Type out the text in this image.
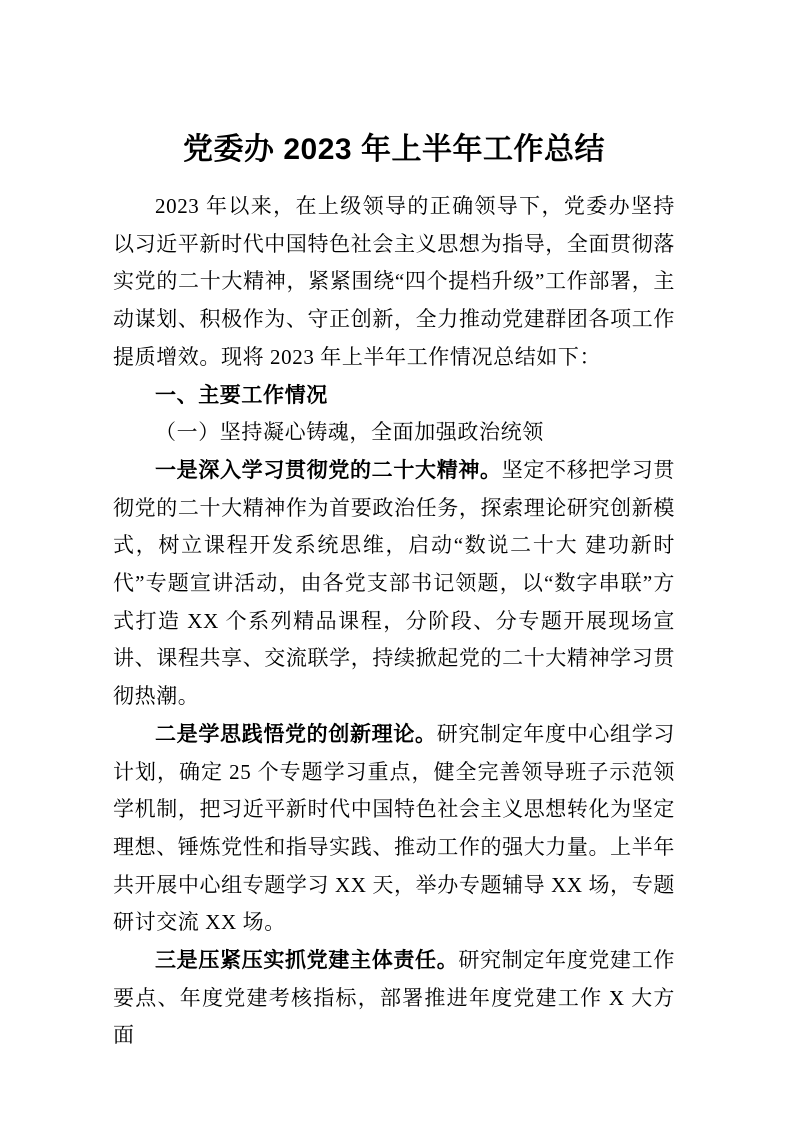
党委办 2023 年上半年工作总结

2023 年以来，在上级领导的正确领导下，党委办坚持以习近平新时代中国特色社会主义思想为指导，全面贯彻落实党的二十大精神，紧紧围绕“四个提档升级”工作部署，主动谋划、积极作为、守正创新，全力推动党建群团各项工作提质增效。现将 2023 年上半年工作情况总结如下：

一、主要工作情况
（一）坚持凝心铸魂，全面加强政治统领

一是深入学习贯彻党的二十大精神。坚定不移把学习贯彻党的二十大精神作为首要政治任务，探索理论研究创新模式，树立课程开发系统思维，启动“数说二十大 建功新时代”专题宣讲活动，由各党支部书记领题，以“数字串联”方式打造 XX 个系列精品课程，分阶段、分专题开展现场宣讲、课程共享、交流联学，持续掀起党的二十大精神学习贯彻热潮。

二是学思践悟党的创新理论。研究制定年度中心组学习计划，确定 25 个专题学习重点，健全完善领导班子示范领学机制，把习近平新时代中国特色社会主义思想转化为坚定理想、锤炼党性和指导实践、推动工作的强大力量。上半年共开展中心组专题学习 XX 天，举办专题辅导 XX 场，专题研讨交流 XX 场。

三是压紧压实抓党建主体责任。研究制定年度党建工作要点、年度党建考核指标，部署推进年度党建工作 X 大方面
